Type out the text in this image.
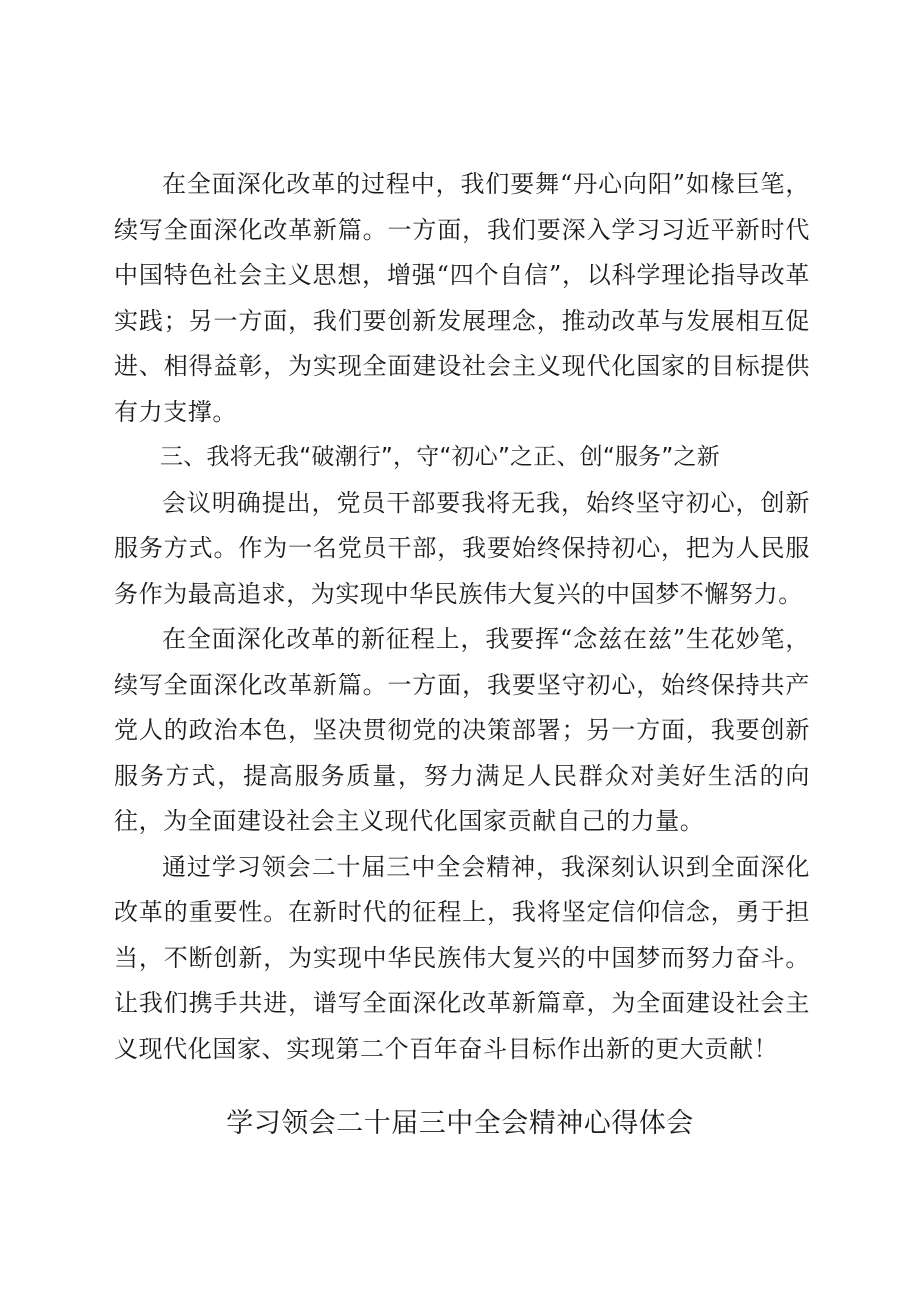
在全面深化改革的过程中，我们要舞“丹心向阳”如椽巨笔，续写全面深化改革新篇。一方面，我们要深入学习习近平新时代中国特色社会主义思想，增强“四个自信”，以科学理论指导改革实践；另一方面，我们要创新发展理念，推动改革与发展相互促进、相得益彰，为实现全面建设社会主义现代化国家的目标提供有力支撑。

三、我将无我“破潮行”，守“初心”之正、创“服务”之新

会议明确提出，党员干部要我将无我，始终坚守初心，创新服务方式。作为一名党员干部，我要始终保持初心，把为人民服务作为最高追求，为实现中华民族伟大复兴的中国梦不懈努力。

在全面深化改革的新征程上，我要挥“念兹在兹”生花妙笔，续写全面深化改革新篇。一方面，我要坚守初心，始终保持共产党人的政治本色，坚决贯彻党的决策部署；另一方面，我要创新服务方式，提高服务质量，努力满足人民群众对美好生活的向往，为全面建设社会主义现代化国家贡献自己的力量。

通过学习领会二十届三中全会精神，我深刻认识到全面深化改革的重要性。在新时代的征程上，我将坚定信仰信念，勇于担当，不断创新，为实现中华民族伟大复兴的中国梦而努力奋斗。让我们携手共进，谱写全面深化改革新篇章，为全面建设社会主义现代化国家、实现第二个百年奋斗目标作出新的更大贡献！

学习领会二十届三中全会精神心得体会
